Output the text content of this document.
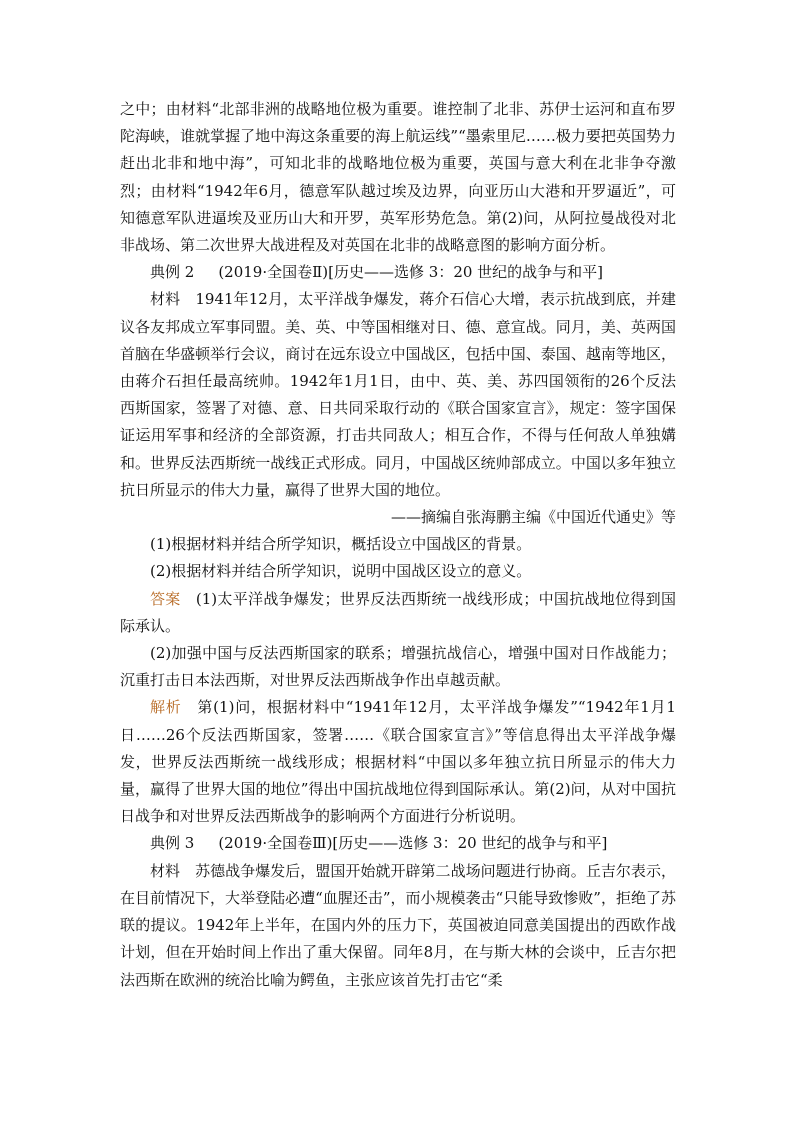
之中；由材料“北部非洲的战略地位极为重要。谁控制了北非、苏伊士运河和直布罗陀海峡，谁就掌握了地中海这条重要的海上航运线”“墨索里尼……极力要把英国势力赶出北非和地中海”，可知北非的战略地位极为重要，英国与意大利在北非争夺激烈；由材料“1942年6月，德意军队越过埃及边界，向亚历山大港和开罗逼近”，可知德意军队进逼埃及亚历山大和开罗，英军形势危急。第(2)问，从阿拉曼战役对北非战场、第二次世界大战进程及对英国在北非的战略意图的影响方面分析。

典例 2 (2019·全国卷Ⅱ)[历史——选修 3：20 世纪的战争与和平]

材料　 1941年12月，太平洋战争爆发，蒋介石信心大增，表示抗战到底，并建议各友邦成立军事同盟。美、英、中等国相继对日、德、意宣战。同月，美、英两国首脑在华盛顿举行会议，商讨在远东设立中国战区，包括中国、泰国、越南等地区，由蒋介石担任最高统帅。1942年1月1日，由中、英、美、苏四国领衔的26个反法西斯国家，签署了对德、意、日共同采取行动的《联合国家宣言》，规定：签字国保证运用军事和经济的全部资源，打击共同敌人；相互合作，不得与任何敌人单独媾和。世界反法西斯统一战线正式形成。同月，中国战区统帅部成立。中国以多年独立抗日所显示的伟大力量，赢得了世界大国的地位。

——摘编自张海鹏主编《中国近代通史》等

(1)根据材料并结合所学知识，概括设立中国战区的背景。

(2)根据材料并结合所学知识，说明中国战区设立的意义。

答案　 (1)太平洋战争爆发；世界反法西斯统一战线形成；中国抗战地位得到国际承认。

(2)加强中国与反法西斯国家的联系；增强抗战信心，增强中国对日作战能力；沉重打击日本法西斯，对世界反法西斯战争作出卓越贡献。

解析　 第(1)问，根据材料中“1941年12月，太平洋战争爆发”“1942年1月1日……26个反法西斯国家，签署……《联合国家宣言》”等信息得出太平洋战争爆发，世界反法西斯统一战线形成；根据材料“中国以多年独立抗日所显示的伟大力量，赢得了世界大国的地位”得出中国抗战地位得到国际承认。第(2)问，从对中国抗日战争和对世界反法西斯战争的影响两个方面进行分析说明。

典例 3 (2019·全国卷Ⅲ)[历史——选修 3：20 世纪的战争与和平]

材料　 苏德战争爆发后，盟国开始就开辟第二战场问题进行协商。丘吉尔表示，在目前情况下，大举登陆必遭“血腥还击”，而小规模袭击“只能导致惨败”，拒绝了苏联的提议。1942年上半年，在国内外的压力下，英国被迫同意美国提出的西欧作战计划，但在开始时间上作出了重大保留。同年8月，在与斯大林的会谈中，丘吉尔把法西斯在欧洲的统治比喻为鳄鱼，主张应该首先打击它“柔
